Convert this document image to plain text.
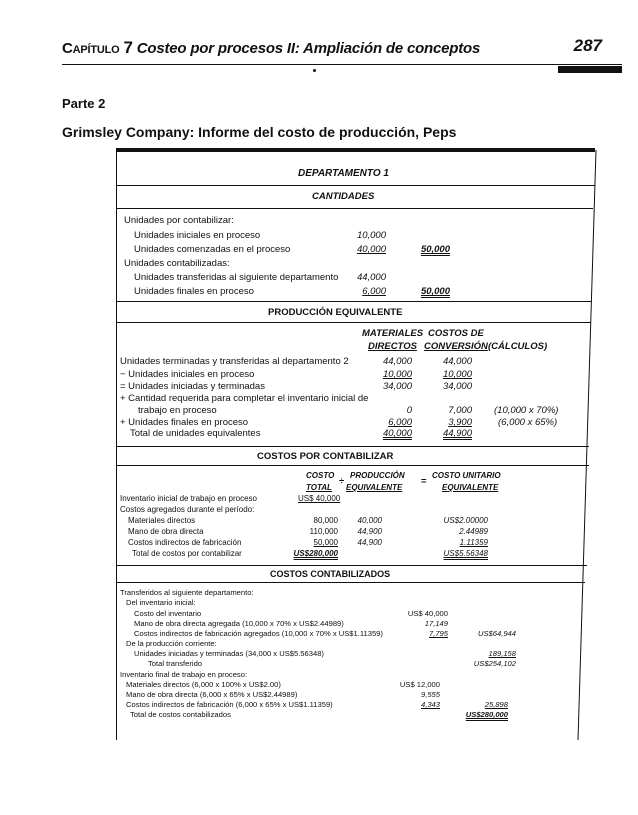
Capítulo 7 Costeo por procesos II: Ampliación de conceptos	287
Parte 2
Grimsley Company: Informe del costo de producción, Peps
DEPARTAMENTO 1
CANTIDADES
Unidades por contabilizar:
Unidades iniciales en proceso	10,000
Unidades comenzadas en el proceso	40,000	50,000
Unidades contabilizadas:
Unidades transferidas al siguiente departamento	44,000
Unidades finales en proceso	6,000	50,000
PRODUCCIÓN EQUIVALENTE
MATERIALES
DIRECTOS
COSTOS DE
CONVERSIÓN (CÁLCULOS)
Unidades terminadas y transferidas al departamento 2	44,000	44,000
− Unidades iniciales en proceso	10,000	10,000
= Unidades iniciadas y terminadas	34,000	34,000
+ Cantidad requerida para completar el inventario inicial de
trabajo en proceso	0	7,000 (10,000 x 70%)
+ Unidades finales en proceso	6,000	3,900	(6,000 x 65%)
Total de unidades equivalentes	40,000	44,900
COSTOS POR CONTABILIZAR
COSTO
TOTAL
÷
PRODUCCIÓN
EQUIVALENTE
=
COSTO UNITARIO
EQUIVALENTE
Inventario inicial de trabajo en proceso	US$ 40,000
Costos agregados durante el período:
Materiales directos	80,000	40,000	US$2.00000
Mano de obra directa	110,000	44,900	2.44989
Costos indirectos de fabricación	50,000	44,900	1.11359
Total de costos por contabilizar	US$280,000	US$5.56348
COSTOS CONTABILIZADOS
Transferidos al siguiente departamento:
Del inventario inicial:
Costo del inventario	US$ 40,000
Mano de obra directa agregada (10,000 x 70% x US$2.44989)	17,149
Costos indirectos de fabricación agregados (10,000 x 70% x US$1.11359)	7,795	US$64,944
De la producción corriente:
Unidades iniciadas y terminadas (34,000 x US$5.56348)	189,158
Total transferido	US$254,102
Inventario final de trabajo en proceso:
Materiales directos (6,000 x 100% x US$2.00)	US$ 12,000
Mano de obra directa (6,000 x 65% x US$2.44989)	9,555
Costos indirectos de fabricación (6,000 x 65% x US$1.11359)	4,343	25,898
Total de costos contabilizados	US$280,000
